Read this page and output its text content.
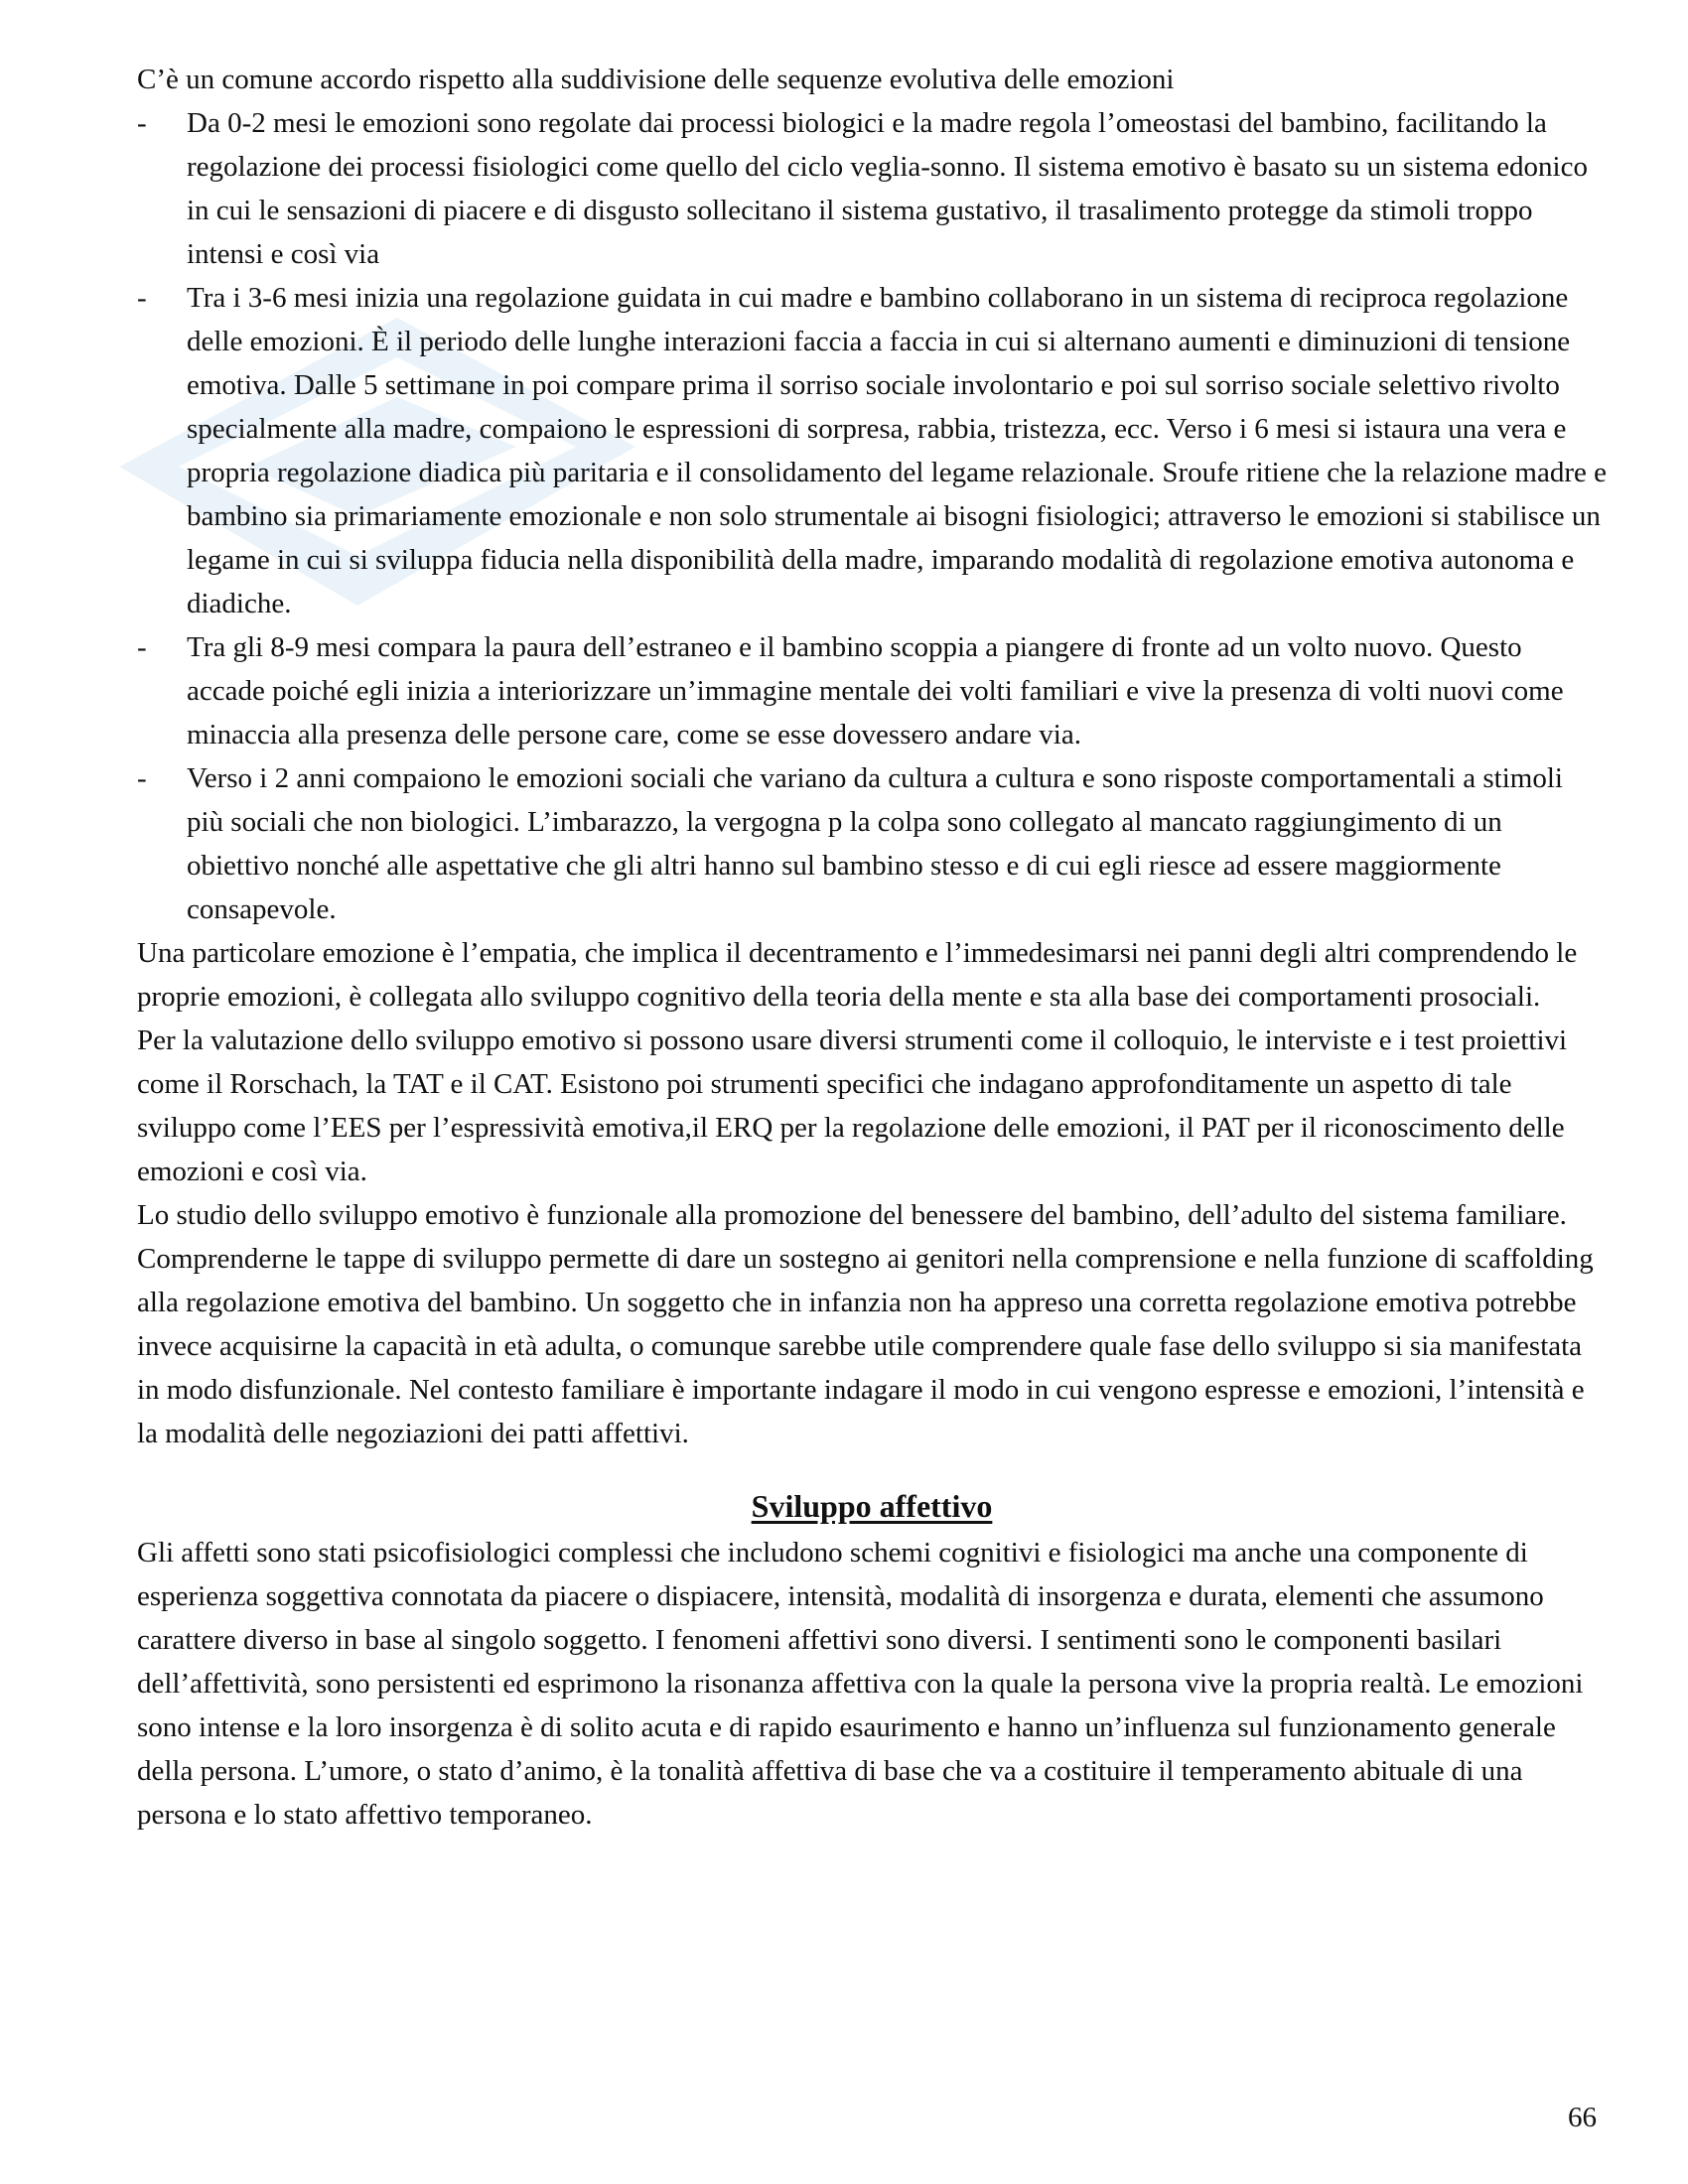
C’è un comune accordo rispetto alla suddivisione delle sequenze evolutiva delle emozioni

- Da 0-2 mesi le emozioni sono regolate dai processi biologici e la madre regola l’omeostasi del bambino, facilitando la regolazione dei processi fisiologici come quello del ciclo veglia-sonno. Il sistema emotivo è basato su un sistema edonico in cui le sensazioni di piacere e di disgusto sollecitano il sistema gustativo, il trasalimento protegge da stimoli troppo intensi e così via
- Tra i 3-6 mesi inizia una regolazione guidata in cui madre e bambino collaborano in un sistema di reciproca regolazione delle emozioni. È il periodo delle lunghe interazioni faccia a faccia in cui si alternano aumenti e diminuzioni di tensione emotiva. Dalle 5 settimane in poi compare prima il sorriso sociale involontario e poi sul sorriso sociale selettivo rivolto specialmente alla madre, compaiono le espressioni di sorpresa, rabbia, tristezza, ecc. Verso i 6 mesi si istaura una vera e propria regolazione diadica più paritaria e il consolidamento del legame relazionale. Sroufe ritiene che la relazione madre e bambino sia primariamente emozionale e non solo strumentale ai bisogni fisiologici; attraverso le emozioni si stabilisce un legame in cui si sviluppa fiducia nella disponibilità della madre, imparando modalità di regolazione emotiva autonoma e diadiche.
- Tra gli 8-9 mesi compara la paura dell’estraneo e il bambino scoppia a piangere di fronte ad un volto nuovo. Questo accade poiché egli inizia a interiorizzare un’immagine mentale dei volti familiari e vive la presenza di volti nuovi come minaccia alla presenza delle persone care, come se esse dovessero andare via.
- Verso i 2 anni compaiono le emozioni sociali che variano da cultura a cultura e sono risposte comportamentali a stimoli più sociali che non biologici. L’imbarazzo, la vergogna p la colpa sono collegato al mancato raggiungimento di un obiettivo nonché alle aspettative che gli altri hanno sul bambino stesso e di cui egli riesce ad essere maggiormente consapevole.

Una particolare emozione è l’empatia, che implica il decentramento e l’immedesimarsi nei panni degli altri comprendendo le proprie emozioni, è collegata allo sviluppo cognitivo della teoria della mente e sta alla base dei comportamenti prosociali.

Per la valutazione dello sviluppo emotivo si possono usare diversi strumenti come il colloquio, le interviste e i test proiettivi come il Rorschach, la TAT e il CAT. Esistono poi strumenti specifici che indagano approfonditamente un aspetto di tale sviluppo come l’EES per l’espressività emotiva,il ERQ per la regolazione delle emozioni, il PAT per il riconoscimento delle emozioni e così via.

Lo studio dello sviluppo emotivo è funzionale alla promozione del benessere del bambino, dell’adulto del sistema familiare. Comprenderne le tappe di sviluppo permette di dare un sostegno ai genitori nella comprensione e nella funzione di scaffolding alla regolazione emotiva del bambino. Un soggetto che in infanzia non ha appreso una corretta regolazione emotiva potrebbe invece acquisirne la capacità in età adulta, o comunque sarebbe utile comprendere quale fase dello sviluppo si sia manifestata in modo disfunzionale. Nel contesto familiare è importante indagare il modo in cui vengono espresse e emozioni, l’intensità e la modalità delle negoziazioni dei patti affettivi.

Sviluppo affettivo

Gli affetti sono stati psicofisiologici complessi che includono schemi cognitivi e fisiologici ma anche una componente di esperienza soggettiva connotata da piacere o dispiacere, intensità, modalità di insorgenza e durata, elementi che assumono carattere diverso in base al singolo soggetto. I fenomeni affettivi sono diversi. I sentimenti sono le componenti basilari dell’affettività, sono persistenti ed esprimono la risonanza affettiva con la quale la persona vive la propria realtà. Le emozioni sono intense e la loro insorgenza è di solito acuta e di rapido esaurimento e hanno un’influenza sul funzionamento generale della persona. L’umore, o stato d’animo, è la tonalità affettiva di base che va a costituire il temperamento abituale di una persona e lo stato affettivo temporaneo.

66
